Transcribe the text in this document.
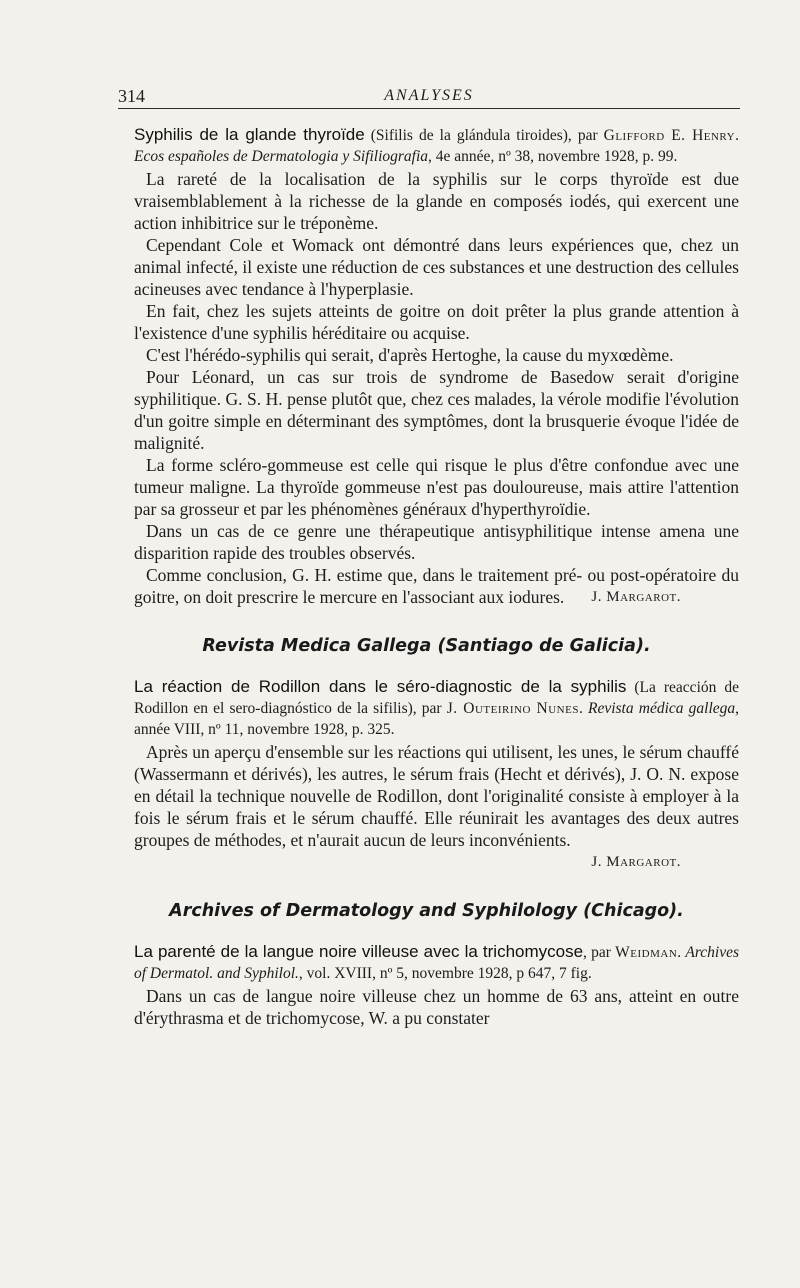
314	ANALYSES
Syphilis de la glande thyroïde (Sifilis de la glándula tiroides), par Glifford E. Henry. Ecos españoles de Dermatologia y Sifiliografia, 4e année, nº 38, novembre 1928, p. 99.

La rareté de la localisation de la syphilis sur le corps thyroïde est due vraisemblablement à la richesse de la glande en composés iodés, qui exercent une action inhibitrice sur le tréponème.

Cependant Cole et Womack ont démontré dans leurs expériences que, chez un animal infecté, il existe une réduction de ces substances et une destruction des cellules acineuses avec tendance à l'hyperplasie.

En fait, chez les sujets atteints de goitre on doit prêter la plus grande attention à l'existence d'une syphilis héréditaire ou acquise.

C'est l'hérédo-syphilis qui serait, d'après Hertoghe, la cause du myxœdème.

Pour Léonard, un cas sur trois de syndrome de Basedow serait d'origine syphilitique. G. S. H. pense plutôt que, chez ces malades, la vérole modifie l'évolution d'un goitre simple en déterminant des symptômes, dont la brusquerie évoque l'idée de malignité.

La forme scléro-gommeuse est celle qui risque le plus d'être confondue avec une tumeur maligne. La thyroïde gommeuse n'est pas douloureuse, mais attire l'attention par sa grosseur et par les phénomènes généraux d'hyperthyroïdie.

Dans un cas de ce genre une thérapeutique antisyphilitique intense amena une disparition rapide des troubles observés.

Comme conclusion, G. H. estime que, dans le traitement pré- ou post-opératoire du goitre, on doit prescrire le mercure en l'associant aux iodures.	J. Margarot.
Revista Medica Gallega (Santiago de Galicia).
La réaction de Rodillon dans le séro-diagnostic de la syphilis (La reacción de Rodillon en el sero-diagnóstico de la sifilis), par J. Outeirino Nunes. Revista médica gallega, année VIII, nº 11, novembre 1928, p. 325.

Après un aperçu d'ensemble sur les réactions qui utilisent, les unes, le sérum chauffé (Wassermann et dérivés), les autres, le sérum frais (Hecht et dérivés), J. O. N. expose en détail la technique nouvelle de Rodillon, dont l'originalité consiste à employer à la fois le sérum frais et le sérum chauffé. Elle réunirait les avantages des deux autres groupes de méthodes, et n'aurait aucun de leurs inconvénients.

J. Margarot.
Archives of Dermatology and Syphilology (Chicago).
La parenté de la langue noire villeuse avec la trichomycose, par Weidman. Archives of Dermatol. and Syphilol., vol. XVIII, nº 5, novembre 1928, p 647, 7 fig.

Dans un cas de langue noire villeuse chez un homme de 63 ans, atteint en outre d'érythrasma et de trichomycose, W. a pu constater
